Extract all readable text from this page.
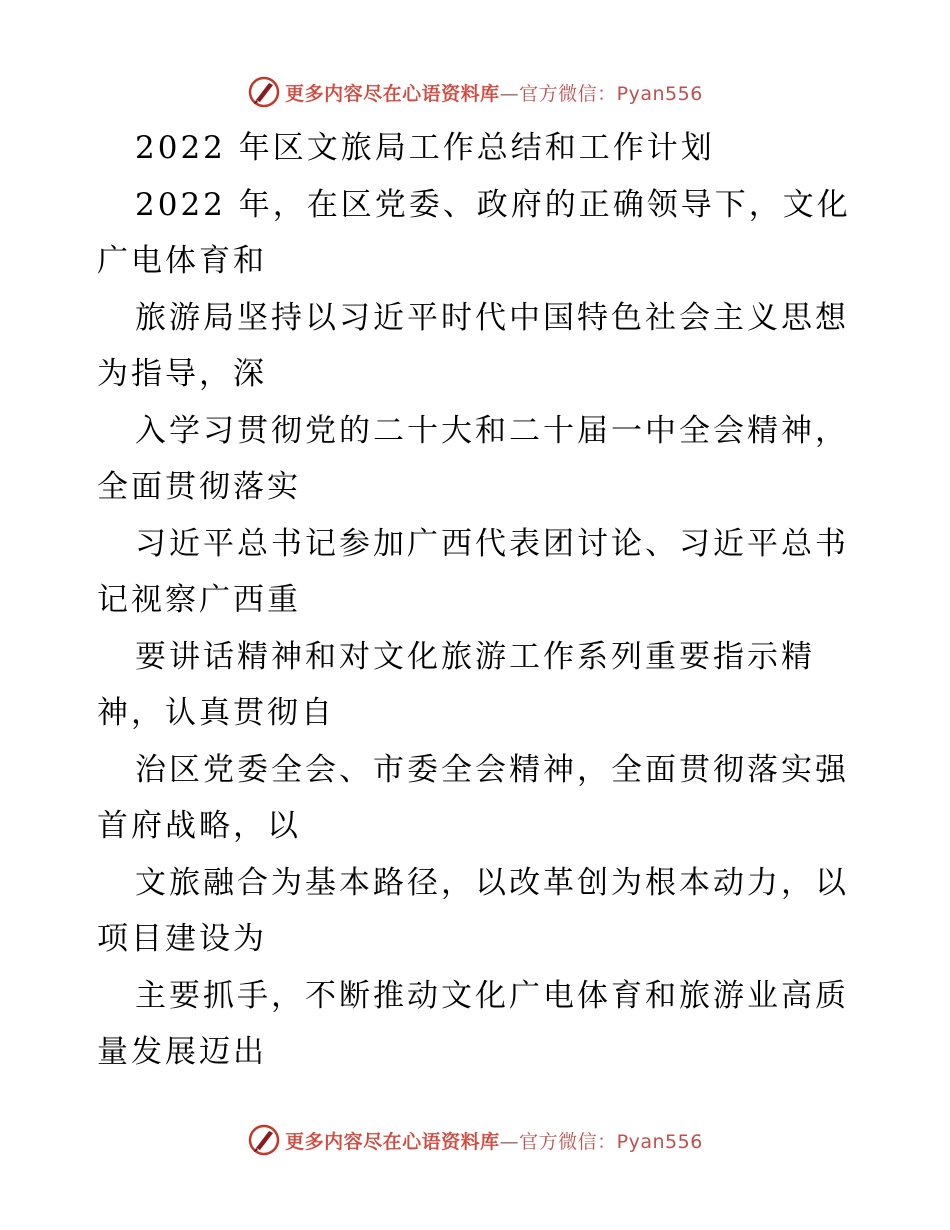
更多内容尽在心语资料库—官方微信：Pyan556
2022 年区文旅局工作总结和工作计划
2022 年，在区党委、政府的正确领导下，文化
广电体育和
旅游局坚持以习近平时代中国特色社会主义思想
为指导，深
入学习贯彻党的二十大和二十届一中全会精神，
全面贯彻落实
习近平总书记参加广西代表团讨论、习近平总书
记视察广西重
要讲话精神和对文化旅游工作系列重要指示精
神，认真贯彻自
治区党委全会、市委全会精神，全面贯彻落实强
首府战略，以
文旅融合为基本路径，以改革创为根本动力，以
项目建设为
主要抓手，不断推动文化广电体育和旅游业高质
量发展迈出
更多内容尽在心语资料库—官方微信：Pyan556
